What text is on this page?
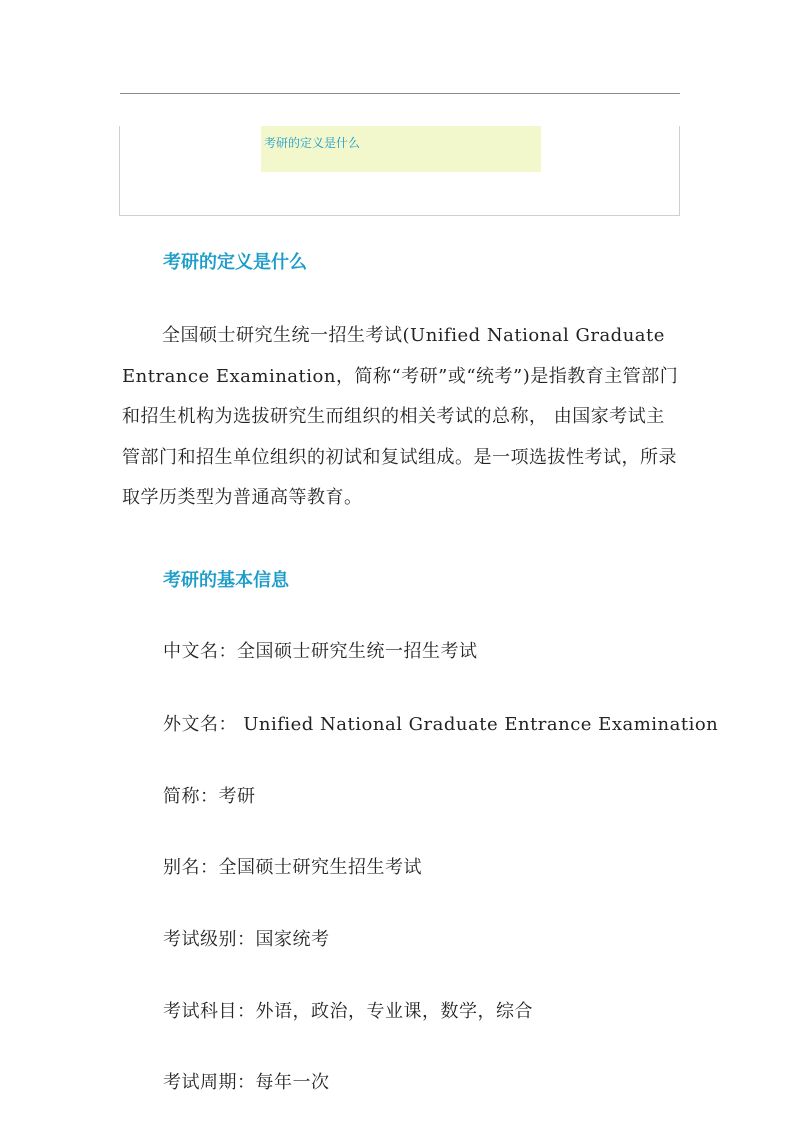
考研的定义是什么
考研的定义是什么
全国硕士研究生统一招生考试(Unified National Graduate Entrance Examination，简称“考研”或“统考”)是指教育主管部门和招生机构为选拔研究生而组织的相关考试的总称， 由国家考试主管部门和招生单位组织的初试和复试组成。是一项选拔性考试，所录取学历类型为普通高等教育。
考研的基本信息
中文名：全国硕士研究生统一招生考试
外文名： Unified National Graduate Entrance Examination
简称：考研
别名：全国硕士研究生招生考试
考试级别：国家统考
考试科目：外语，政治，专业课，数学，综合
考试周期：每年一次
